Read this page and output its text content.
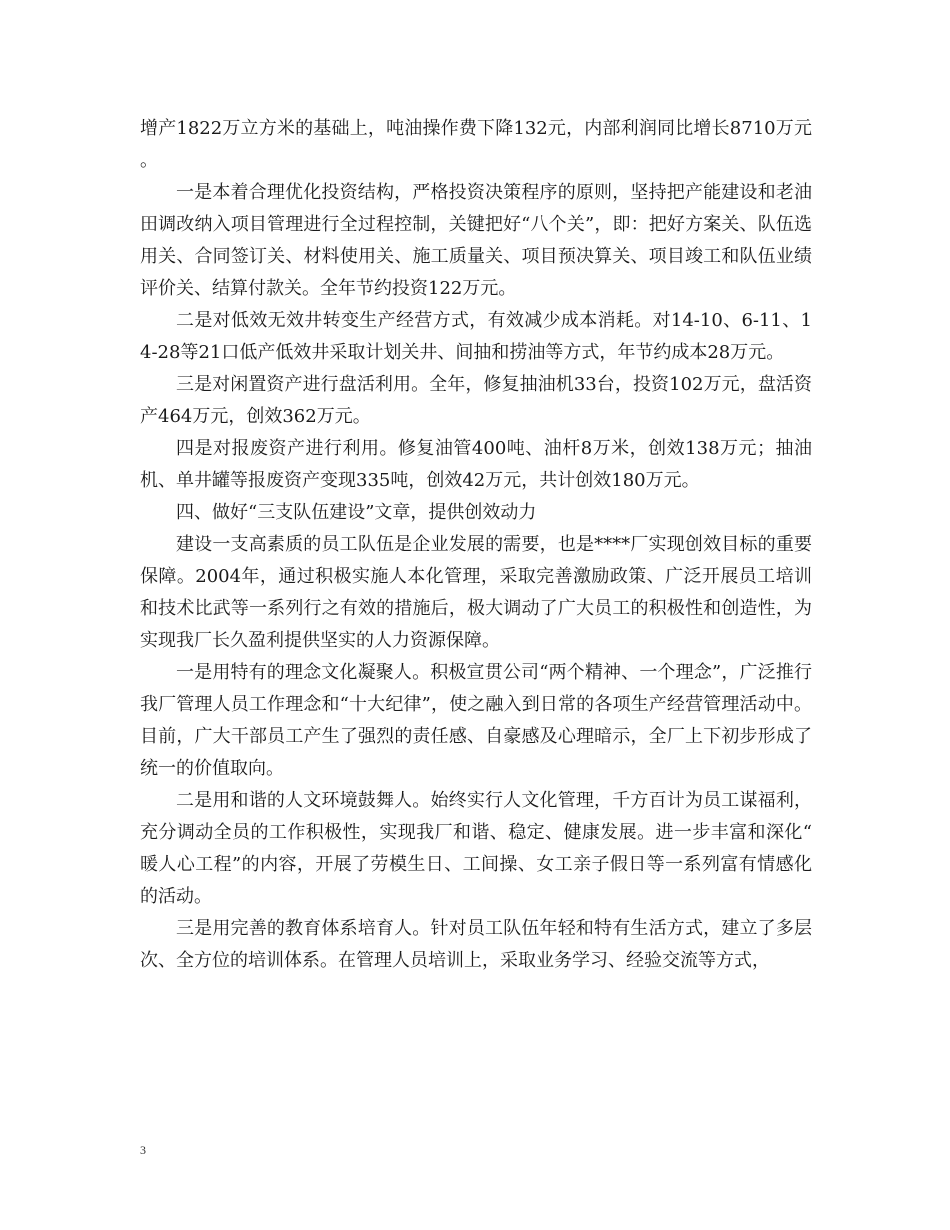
增产1822万立方米的基础上，吨油操作费下降132元，内部利润同比增长8710万元。

一是本着合理优化投资结构，严格投资决策程序的原则，坚持把产能建设和老油田调改纳入项目管理进行全过程控制，关键把好“八个关”，即：把好方案关、队伍选用关、合同签订关、材料使用关、施工质量关、项目预决算关、项目竣工和队伍业绩评价关、结算付款关。全年节约投资122万元。

二是对低效无效井转变生产经营方式，有效减少成本消耗。对14-10、6-11、14-28等21口低产低效井采取计划关井、间抽和捞油等方式，年节约成本28万元。

三是对闲置资产进行盘活利用。全年，修复抽油机33台，投资102万元，盘活资产464万元，创效362万元。

四是对报废资产进行利用。修复油管400吨、油杆8万米，创效138万元；抽油机、单井罐等报废资产变现335吨，创效42万元，共计创效180万元。

四、做好“三支队伍建设”文章，提供创效动力

建设一支高素质的员工队伍是企业发展的需要，也是****厂实现创效目标的重要保障。2004年，通过积极实施人本化管理，采取完善激励政策、广泛开展员工培训和技术比武等一系列行之有效的措施后，极大调动了广大员工的积极性和创造性，为实现我厂长久盈利提供坚实的人力资源保障。

一是用特有的理念文化凝聚人。积极宣贯公司“两个精神、一个理念”，广泛推行我厂管理人员工作理念和“十大纪律”，使之融入到日常的各项生产经营管理活动中。目前，广大干部员工产生了强烈的责任感、自豪感及心理暗示，全厂上下初步形成了统一的价值取向。

二是用和谐的人文环境鼓舞人。始终实行人文化管理，千方百计为员工谋福利，充分调动全员的工作积极性，实现我厂和谐、稳定、健康发展。进一步丰富和深化“暖人心工程”的内容，开展了劳模生日、工间操、女工亲子假日等一系列富有情感化的活动。

三是用完善的教育体系培育人。针对员工队伍年轻和特有生活方式，建立了多层次、全方位的培训体系。在管理人员培训上，采取业务学习、经验交流等方式，

3
